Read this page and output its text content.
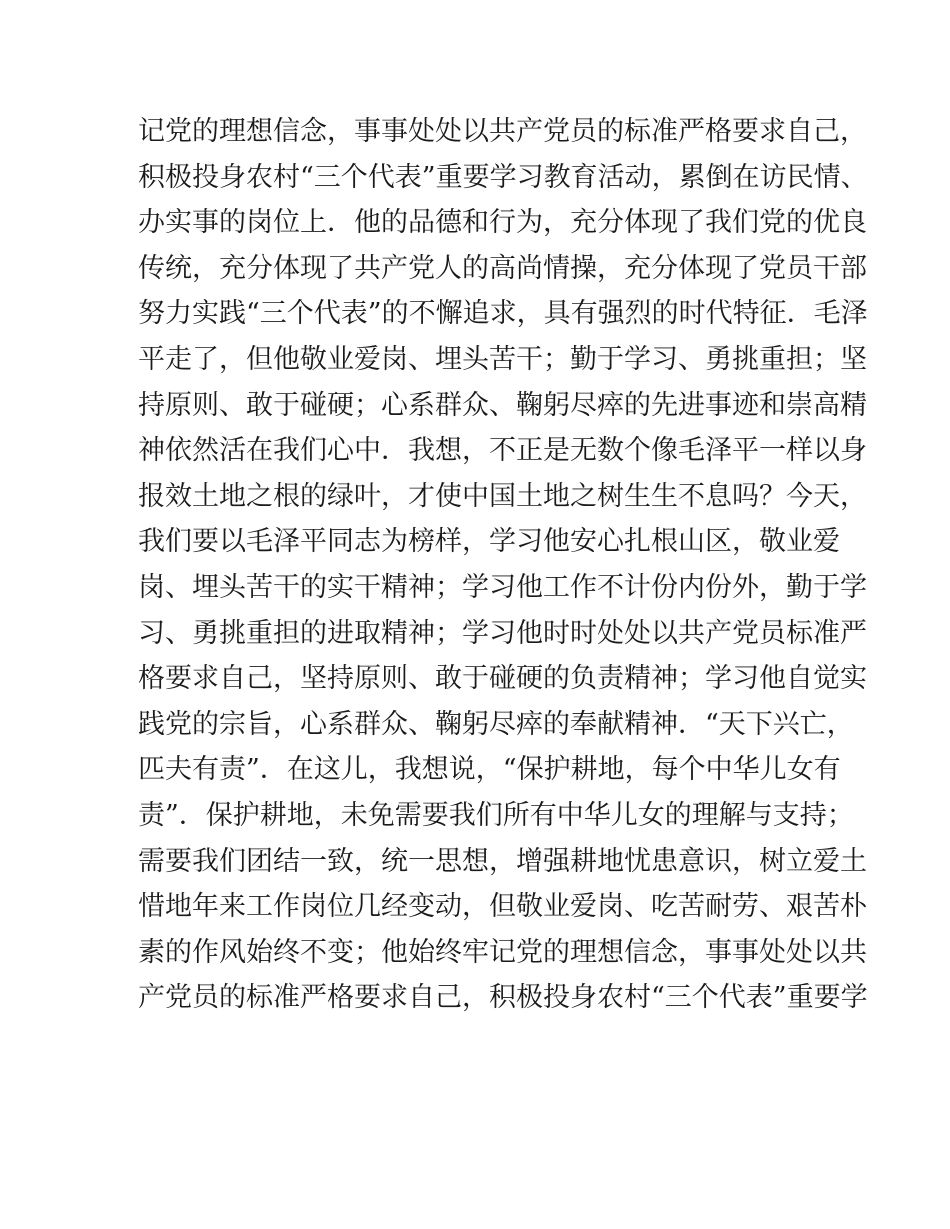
记党的理想信念，事事处处以共产党员的标准严格要求自己，
积极投身农村“三个代表”重要学习教育活动，累倒在访民情、
办实事的岗位上．他的品德和行为，充分体现了我们党的优良
传统，充分体现了共产党人的高尚情操，充分体现了党员干部
努力实践“三个代表”的不懈追求，具有强烈的时代特征．毛泽
平走了，但他敬业爱岗、埋头苦干；勤于学习、勇挑重担；坚
持原则、敢于碰硬；心系群众、鞠躬尽瘁的先进事迹和崇高精
神依然活在我们心中．我想，不正是无数个像毛泽平一样以身
报效土地之根的绿叶，才使中国土地之树生生不息吗？今天，
我们要以毛泽平同志为榜样，学习他安心扎根山区，敬业爱
岗、埋头苦干的实干精神；学习他工作不计份内份外，勤于学
习、勇挑重担的进取精神；学习他时时处处以共产党员标准严
格要求自己，坚持原则、敢于碰硬的负责精神；学习他自觉实
践党的宗旨，心系群众、鞠躬尽瘁的奉献精神．“天下兴亡，
匹夫有责”．在这儿，我想说，“保护耕地，每个中华儿女有
责”．保护耕地，未免需要我们所有中华儿女的理解与支持；
需要我们团结一致，统一思想，增强耕地忧患意识，树立爱土
惜地年来工作岗位几经变动，但敬业爱岗、吃苦耐劳、艰苦朴
素的作风始终不变；他始终牢记党的理想信念，事事处处以共
产党员的标准严格要求自己，积极投身农村“三个代表”重要学
